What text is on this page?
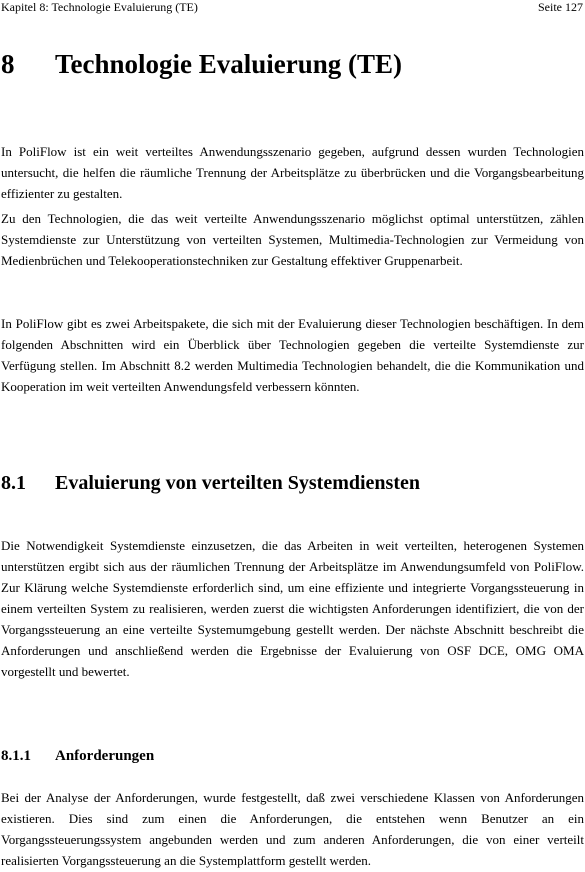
Kapitel 8: Technologie Evaluierung (TE)	Seite 127
8 Technologie Evaluierung (TE)

In PoliFlow ist ein weit verteiltes Anwendungsszenario gegeben, aufgrund dessen wurden Technologien untersucht, die helfen die räumliche Trennung der Arbeitsplätze zu überbrücken und die Vorgangsbearbeitung effizienter zu gestalten.

Zu den Technologien, die das weit verteilte Anwendungsszenario möglichst optimal unterstützen, zählen Systemdienste zur Unterstützung von verteilten Systemen, Multimedia-Technologien zur Vermeidung von Medienbrüchen und Telekooperationstechniken zur Gestaltung effektiver Gruppenarbeit.

In PoliFlow gibt es zwei Arbeitspakete, die sich mit der Evaluierung dieser Technologien beschäftigen. In dem folgenden Abschnitten wird ein Überblick über Technologien gegeben die verteilte Systemdienste zur Verfügung stellen. Im Abschnitt 8.2 werden Multimedia Technologien behandelt, die die Kommunikation und Kooperation im weit verteilten Anwendungsfeld verbessern könnten.

8.1 Evaluierung von verteilten Systemdiensten

Die Notwendigkeit Systemdienste einzusetzen, die das Arbeiten in weit verteilten, heterogenen Systemen unterstützen ergibt sich aus der räumlichen Trennung der Arbeitsplätze im Anwendungsumfeld von PoliFlow. Zur Klärung welche Systemdienste erforderlich sind, um eine effiziente und integrierte Vorgangssteuerung in einem verteilten System zu realisieren, werden zuerst die wichtigsten Anforderungen identifiziert, die von der Vorgangssteuerung an eine verteilte Systemumgebung gestellt werden. Der nächste Abschnitt beschreibt die Anforderungen und anschließend werden die Ergebnisse der Evaluierung von OSF DCE, OMG OMA vorgestellt und bewertet.

8.1.1 Anforderungen

Bei der Analyse der Anforderungen, wurde festgestellt, daß zwei verschiedene Klassen von Anforderungen existieren. Dies sind zum einen die Anforderungen, die entstehen wenn Benutzer an ein Vorgangssteuerungssystem angebunden werden und zum anderen Anforderungen, die von einer verteilt realisierten Vorgangssteuerung an die Systemplattform gestellt werden.
